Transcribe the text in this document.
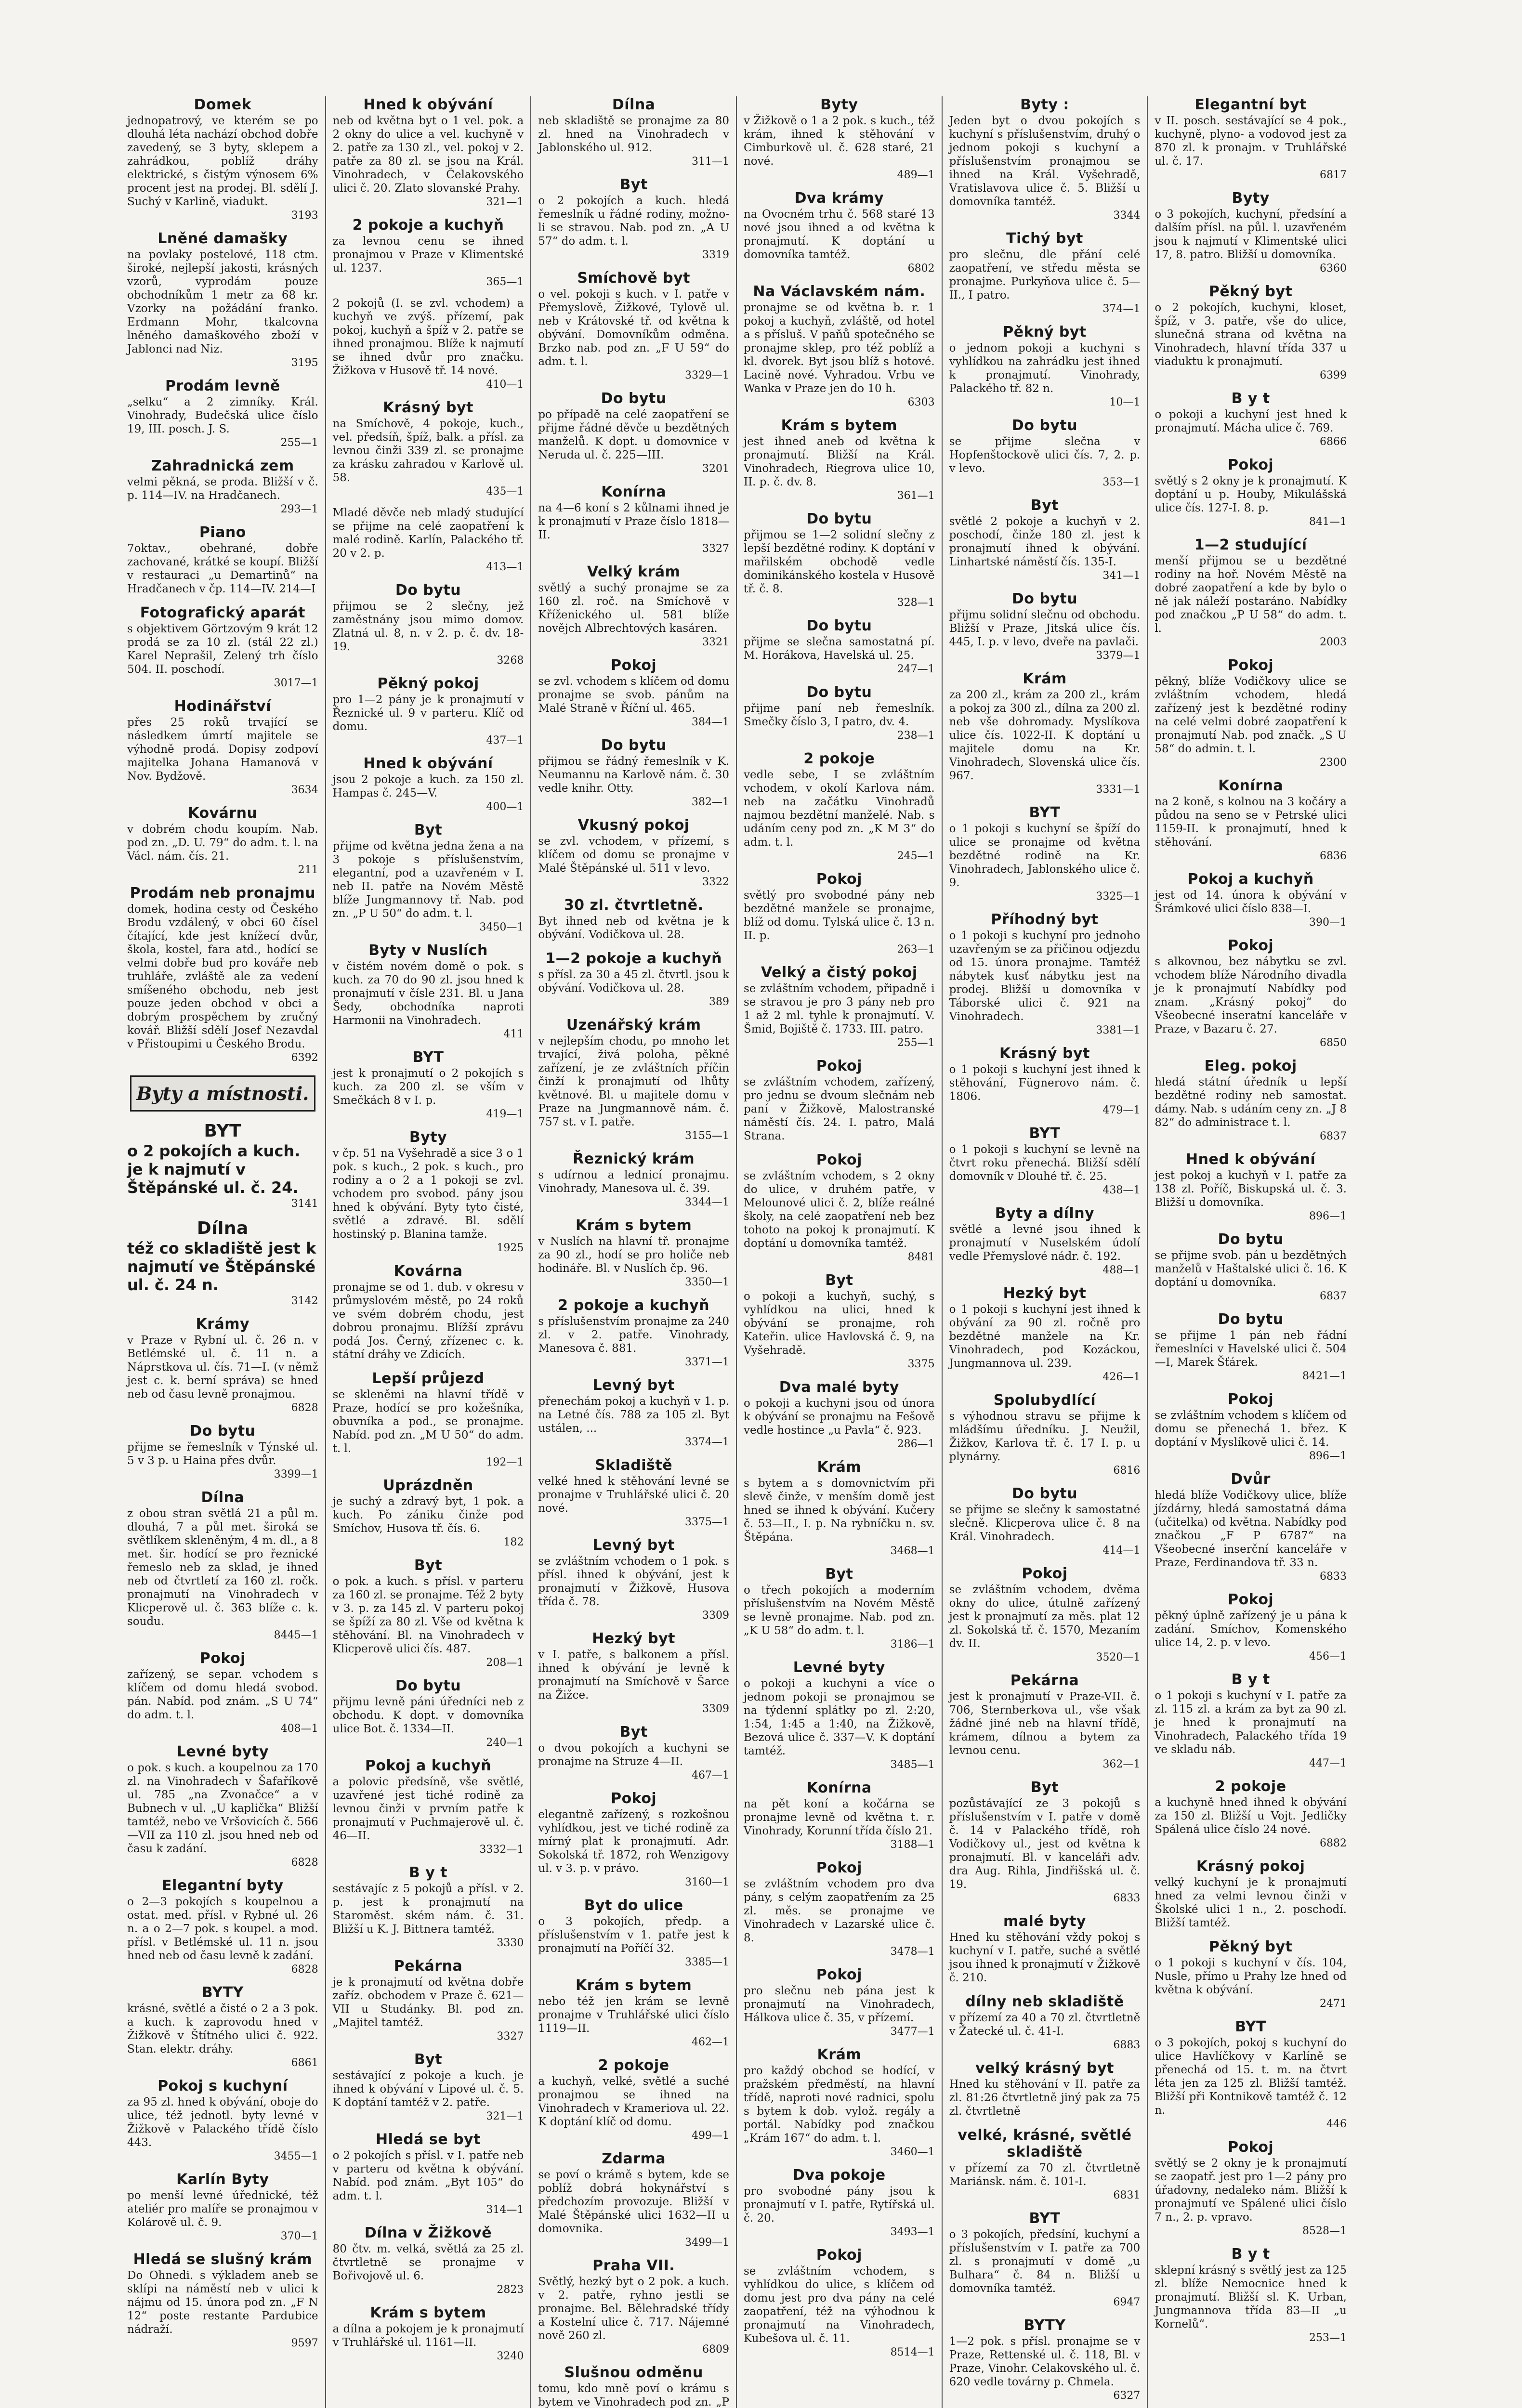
Domek

jednopatrový, ve kterém se po dlouhá léta nachází obchod dobře zavedený, se 3 byty, sklepem a zahrádkou, poblíž dráhy elektrické, s čistým výnosem 6% procent jest na prodej. Bl. sdělí J. Suchý v Karlině, viadukt.

3193
Lněné damašky

na povlaky postelové, 118 ctm. široké, nejlepší jakosti, krásných vzorů, vyprodám pouze obchodníkům 1 metr za 68 kr. Vzorky na požádání franko. Erdmann Mohr, tkalcovna lněného damaškového zboží v Jablonci nad Niz.

3195
Prodám levně

„selku“ a 2 zimníky. Král. Vinohrady, Budečská ulice číslo 19, III. posch. J. S.

255—1
Zahradnická zem

velmi pěkná, se proda. Bližší v č. p. 114—IV. na Hradčanech.

293—1
Piano

7oktav., obehrané, dobře zachované, krátké se koupí. Bližší v restauraci „u Demartinů“ na Hradčanech v čp. 114—IV. 214—I

Fotografický aparát

s objektivem Görtzovým 9 krát 12 prodá se za 10 zl. (stál 22 zl.) Karel Neprašil, Zelený trh číslo 504. II. poschodí.

3017—1
Hodinářství

přes 25 roků trvající se následkem úmrtí majitele se výhodně prodá. Dopisy zodpoví majitelka Johana Hamanová v Nov. Bydžově.

3634
Kovárnu

v dobrém chodu koupím. Nab. pod zn. „D. U. 79“ do adm. t. l. na Václ. nám. čís. 21.

211
Prodám neb pronajmu

domek, hodina cesty od Českého Brodu vzdálený, v obci 60 čísel čítající, kde jest knížecí dvůr, škola, kostel, fara atd., hodící se velmi dobře bud pro kováře neb truhláře, zvláště ale za vedení smíšeného obchodu, neb jest pouze jeden obchod v obci a dobrým prospěchem by zručný kovář. Bližší sdělí Josef Nezavdal v Přistoupimi u Českého Brodu.

6392
Byty a místnosti.
BYT

o 2 pokojích a kuch. je k najmutí v Štěpánské ul. č. 24.

3141
Dílna

též co skladiště jest k najmutí ve Štěpánské ul. č. 24 n.

3142
Krámy

v Praze v Rybní ul. č. 26 n. v Betlémské ul. č. 11 n. a Náprstkova ul. čís. 71—I. (v němž jest c. k. berní správa) se hned neb od času levně pronajmou.

6828
Do bytu

přijme se řemeslník v Týnské ul. 5 v 3 p. u Haina přes dvůr.

3399—1
Dílna

z obou stran světlá 21 a půl m. dlouhá, 7 a půl met. široká se světlíkem skleněným, 4 m. dl., a 8 met. šir. hodící se pro řeznické řemeslo neb za sklad, je ihned neb od čtvrtletí za 160 zl. ročk. pronajmutí na Vinohradech v Klicperově ul. č. 363 blíže c. k. soudu.

8445—1
Pokoj

zařízený, se separ. vchodem s klíčem od domu hledá svobod. pán. Nabíd. pod znám. „S U 74“ do adm. t. l.

408—1
Levné byty

o pok. s kuch. a koupelnou za 170 zl. na Vinohradech v Šafaříkově ul. 785 „na Zvonačce“ a v Bubnech v ul. „U kaplička“ Bližší tamtéž, nebo ve Vršovicích č. 566—VII za 110 zl. jsou hned neb od času k zadání.

6828
Elegantní byty

o 2—3 pokojích s koupelnou a ostat. med. přísl. v Rybné ul. 26 n. a o 2—7 pok. s koupel. a mod. přísl. v Betlémské ul. 11 n. jsou hned neb od času levně k zadání.

6828
BYTY

krásné, světlé a čisté o 2 a 3 pok. a kuch. k zaprovodu hned v Žižkově v Štítného ulici č. 922. Stan. elektr. dráhy.

6861
Pokoj s kuchyní

za 95 zl. hned k obývání, oboje do ulice, též jednotl. byty levné v Žižkově v Palackého třídě číslo 443.

3455—1
Karlín Byty

po menší levné úřednické, též ateliér pro malíře se pronajmou v Kolárově ul. č. 9.

370—1
Hledá se slušný krám

Do Ohnedi. s výkladem aneb se sklípi na náměstí neb v ulici k nájmu od 15. února pod zn. „F N 12“ poste restante Pardubice nádraží.

9597
Hned k obývání

neb od května byt o 1 vel. pok. a 2 okny do ulice a vel. kuchyně v 2. patře za 130 zl., vel. pokoj v 2. patře za 80 zl. se jsou na Král. Vinohradech, v Čelakovského ulici č. 20. Zlato slovanské Prahy.

321—1
2 pokoje a kuchyň

za levnou cenu se ihned pronajmou v Praze v Klimentské ul. 1237.

365—1

2 pokojů (I. se zvl. vchodem) a kuchyň ve zvýš. přízemí, pak pokoj, kuchyň a špíž v 2. patře se ihned pronajmou. Blíže k najmutí se ihned dvůr pro značku. Žižkova v Husově tř. 14 nové.

410—1
Krásný byt

na Smíchově, 4 pokoje, kuch., vel. předsíň, špíž, balk. a přísl. za levnou činži 339 zl. se pronajme za krásku zahradou v Karlově ul. 58.

435—1

Mladé děvče neb mladý studující se přijme na celé zaopatření k malé rodině. Karlín, Palackého tř. 20 v 2. p.

413—1
Do bytu

přijmou se 2 slečny, jež zaměstnány jsou mimo domov. Zlatná ul. 8, n. v 2. p. č. dv. 18-19.

3268
Pěkný pokoj

pro 1—2 pány je k pronajmutí v Řeznické ul. 9 v parteru. Klíč od domu.

437—1
Hned k obývání

jsou 2 pokoje a kuch. za 150 zl. Hampas č. 245—V.

400—1
Byt

přijme od května jedna žena a na 3 pokoje s příslušenstvím, elegantní, pod a uzavřeném v I. neb II. patře na Novém Městě blíže Jungmannovy tř. Nab. pod zn. „P U 50“ do adm. t. l.

3450—1
Byty v Nuslích

v čistém novém domě o pok. s kuch. za 70 do 90 zl. jsou hned k pronajmutí v čísle 231. Bl. u Jana Šedy, obchodníka naproti Harmonii na Vinohradech.

411
BYT

jest k pronajmutí o 2 pokojích s kuch. za 200 zl. se vším v Smečkách 8 v I. p.

419—1
Byty

v čp. 51 na Vyšehradě a sice 3 o 1 pok. s kuch., 2 pok. s kuch., pro rodiny a o 2 a 1 pokoji se zvl. vchodem pro svobod. pány jsou hned k obývání. Byty tyto čisté, světlé a zdravé. Bl. sdělí hostinský p. Blanina tamže.

1925
Kovárna

pronajme se od 1. dub. v okresu v průmyslovém městě, po 24 roků ve svém dobrém chodu, jest dobrou pronajmu. Blížší zprávu podá Jos. Černý, zřízenec c. k. státní dráhy ve Zdicích.

Lepší průjezd

se skleněmi na hlavní třídě v Praze, hodící se pro kožešníka, obuvníka a pod., se pronajme. Nabíd. pod zn. „M U 50“ do adm. t. l.

192—1
Uprázdněn

je suchý a zdravý byt, 1 pok. a kuch. Po zániku činže pod Smíchov, Husova tř. čís. 6.

182
Byt

o pok. a kuch. s přísl. v parteru za 160 zl. se pronajme. Též 2 byty v 3. p. za 145 zl. V parteru pokoj se špíží za 80 zl. Vše od května k stěhování. Bl. na Vinohradech v Klicperově ulici čís. 487.

208—1
Do bytu

přijmu levně páni úředníci neb z obchodu. K dopt. v domovníka ulice Bot. č. 1334—II.

240—1
Pokoj a kuchyň

a polovic předsíně, vše světlé, uzavřené jest tiché rodině za levnou činži v prvním patře k pronajmutí v Puchmajerově ul. č. 46—II.

3332—1
B y t

sestávajíc z 5 pokojů a přísl. v 2. p. jest k pronajmutí na Staroměst. ském nám. č. 31. Bližší u K. J. Bittnera tamtéž.

3330
Pekárna

je k pronajmutí od května dobře zaříz. obchodem v Praze č. 621—VII u Studánky. Bl. pod zn. „Majitel tamtéž.

3327
Byt

sestávající z pokoje a kuch. je ihned k obývání v Lipové ul. č. 5. K doptání tamtéž v 2. patře.

321—1
Hledá se byt

o 2 pokojích s přísl. v I. patře neb v parteru od května k obývání. Nabíd. pod znám. „Byt 105“ do adm. t. l.

314—1
Dílna v Žižkově

80 čtv. m. velká, světlá za 25 zl. čtvrtletně se pronajme v Bořivojově ul. 6.

2823
Krám s bytem

a dílna a pokojem je k pronajmutí v Truhlářské ul. 1161—II.

3240
Dílna

neb skladiště se pronajme za 80 zl. hned na Vinohradech v Jablonského ul. 912.

311—1
Byt

o 2 pokojích a kuch. hledá řemeslník u řádné rodiny, možno-li se stravou. Nab. pod zn. „A U 57“ do adm. t. l.

3319
Smíchově byt

o vel. pokoji s kuch. v I. patře v Přemyslově, Žižkové, Tylově ul. neb v Krátovské tř. od května k obývání. Domovníkům odměna. Brzko nab. pod zn. „F U 59“ do adm. t. l.

3329—1
Do bytu

po případě na celé zaopatření se přijme řádné děvče u bezdětných manželů. K dopt. u domovnice v Neruda ul. č. 225—III.

3201
Konírna

na 4—6 koní s 2 kůlnami ihned je k pronajmutí v Praze číslo 1818—II.

3327
Velký krám

světlý a suchý pronajme se za 160 zl. roč. na Smíchově v Kříženického ul. 581 blíže novějch Albrechtových kasáren.

3321
Pokoj

se zvl. vchodem s klíčem od domu pronajme se svob. pánům na Malé Straně v Říční ul. 465.

384—1
Do bytu

přijmou se řádný řemeslník v K. Neumannu na Karlově nám. č. 30 vedle knihr. Otty.

382—1
Vkusný pokoj

se zvl. vchodem, v přízemí, s klíčem od domu se pronajme v Malé Štěpánské ul. 511 v levo.

3322
30 zl. čtvrtletně.

Byt ihned neb od května je k obývání. Vodičkova ul. 28.

1—2 pokoje a kuchyň

s přísl. za 30 a 45 zl. čtvrtl. jsou k obývání. Vodičkova ul. 28.

389
Uzenářský krám

v nejlepším chodu, po mnoho let trvající, živá poloha, pěkné zařízení, je ze zvláštních příčin činží k pronajmutí od lhůty květnové. Bl. u majitele domu v Praze na Jungmannově nám. č. 757 st. v I. patře.

3155—1
Řeznický krám

s udírnou a lednicí pronajmu. Vinohrady, Manesova ul. č. 39.

3344—1
Krám s bytem

v Nuslích na hlavní tř. pronajme za 90 zl., hodí se pro holiče neb hodináře. Bl. v Nuslích čp. 96.

3350—1
2 pokoje a kuchyň

s příslušenstvím pronajme za 240 zl. v 2. patře. Vinohrady, Manesova č. 881.

3371—1
Levný byt

přenechám pokoj a kuchyň v 1. p. na Letné čís. 788 za 105 zl. Byt ustálen, ...

3374—1
Skladiště

velké hned k stěhování levné se pronajme v Truhlářské ulici č. 20 nové.

3375—1
Levný byt

se zvláštním vchodem o 1 pok. s přísl. ihned k obývání, jest k pronajmutí v Žižkově, Husova třída č. 78.

3309
Hezký byt

v I. patře, s balkonem a přísl. ihned k obývání je levně k pronajmutí na Smíchově v Šarce na Žižce.

3309
Byt

o dvou pokojích a kuchyni se pronajme na Struze 4—II.

467—1
Pokoj

elegantně zařízený, s rozkošnou vyhlídkou, jest ve tiché rodině za mírný plat k pronajmutí. Adr. Sokolská tř. 1872, roh Wenzigovy ul. v 3. p. v právo.

3160—1
Byt do ulice

o 3 pokojích, předp. a příslušenstvím v 1. patře jest k pronajmutí na Poříčí 32.

3385—1
Krám s bytem

nebo též jen krám se levně pronajme v Truhlářské ulici číslo 1119—II.

462—1
2 pokoje

a kuchyň, velké, světlé a suché pronajmou se ihned na Vinohradech v Krameriova ul. 22. K doptání klíč od domu.

499—1
Zdarma

se poví o krámě s bytem, kde se poblíž dobrá hokynářství s předchozím provozuje. Bližší v Malé Štěpánské ulici 1632—II u domovnika.

3499—1
Praha VII.

Světlý, hezký byt o 2 pok. a kuch. v 2. patře, ryhno jestli se pronajme. Bel. Bělehradské třídy a Kostelní ulice č. 717. Nájemné nově 260 zl.

6809
Slušnou odměnu

tomu, kdo mně poví o krámu s bytem ve Vinohradech pod zn. „P

Byty

v Žižkově o 1 a 2 pok. s kuch., též krám, ihned k stěhování v Cimburkově ul. č. 628 staré, 21 nové.

489—1
Dva krámy

na Ovocném trhu č. 568 staré 13 nové jsou ihned a od května k pronajmutí. K doptání u domovníka tamtéž.

6802
Na Václavském nám.

pronajme se od května b. r. 1 pokoj a kuchyň, zvláště, od hotel a s přísluš. V paňů spotečného se pronajme sklep, pro též poblíž a kl. dvorek. Byt jsou blíž s hotové. Lacině nové. Vyhradou. Vrbu ve Wanka v Praze jen do 10 h.

6303
Krám s bytem

jest ihned aneb od května k pronajmutí. Bližší na Král. Vinohradech, Riegrova ulice 10, II. p. č. dv. 8.

361—1
Do bytu

přijmou se 1—2 solidní slečny z lepší bezdětné rodiny. K doptání v mařilském obchodě vedle dominikánského kostela v Husově tř. č. 8.

328—1
Do bytu

přijme se slečna samostatná pí. M. Horákova, Havelská ul. 25.

247—1
Do bytu

přijme paní neb řemeslník. Smečky číslo 3, I patro, dv. 4.

238—1
2 pokoje

vedle sebe, I se zvláštním vchodem, v okolí Karlova nám. neb na začátku Vinohradů najmou bezdětní manželé. Nab. s udáním ceny pod zn. „K M 3“ do adm. t. l.

245—1
Pokoj

světlý pro svobodné pány neb bezdětné manžele se pronajme, blíž od domu. Tylská ulice č. 13 n. II. p.

263—1
Velký a čistý pokoj

se zvláštním vchodem, připadně i se stravou je pro 3 pány neb pro 1 až 2 ml. tyhle k pronajmutí. V. Šmid, Bojiště č. 1733. III. patro.

255—1
Pokoj

se zvláštním vchodem, zařízený, pro jednu se dvoum slečnám neb paní v Žižkově, Malostranské náměstí čís. 24. I. patro, Malá Strana.

Pokoj

se zvláštním vchodem, s 2 okny do ulice, v druhém patře, v Melounové ulici č. 2, blíže reálné školy, na celé zaopatření neb bez tohoto na pokoj k pronajmutí. K doptání u domovníka tamtéž.

8481
Byt

o pokoji a kuchyň, suchý, s vyhlídkou na ulici, hned k obývání se pronajme, roh Kateřin. ulice Havlovská č. 9, na Vyšehradě.

3375
Dva malé byty

o pokoji a kuchyni jsou od února k obývání se pronajmu na Fešově vedle hostince „u Pavla“ č. 923.

286—1
Krám

s bytem a s domovnictvím při slevě činže, v menším domě jest hned se ihned k obývání. Kučery č. 53—II., I. p. Na rybníčku n. sv. Štěpána.

3468—1
Byt

o třech pokojích a moderním příslušenstvím na Novém Městě se levně pronajme. Nab. pod zn. „K U 58“ do adm. t. l.

3186—1
Levné byty

o pokoji a kuchyni a více o jednom pokoji se pronajmou se na týdenní splátky po zl. 2:20, 1:54, 1:45 a 1:40, na Žižkově, Bezová ulice č. 337—V. K doptání tamtéž.

3485—1
Konírna

na pět koní a kočárna se pronajme levně od května t. r. Vinohrady, Korunní třída číslo 21.

3188—1
Pokoj

se zvláštním vchodem pro dva pány, s celým zaopatřením za 25 zl. měs. se pronajme ve Vinohradech v Lazarské ulice č. 8.

3478—1
Pokoj

pro slečnu neb pána jest k pronajmutí na Vinohradech, Hálkova ulice č. 35, v přízemí.

3477—1
Krám

pro každý obchod se hodící, v pražském předměstí, na hlavní třídě, naproti nové radnici, spolu s bytem k dob. vylož. regály a portál. Nabídky pod značkou „Krám 167“ do adm. t. l.

3460—1
Dva pokoje

pro svobodné pány jsou k pronajmutí v I. patře, Rytířská ul. č. 20.

3493—1
Pokoj

se zvláštním vchodem, s vyhlídkou do ulice, s klíčem od domu jest pro dva pány na celé zaopatření, též na výhodnou k pronajmutí na Vinohradech, Kubešova ul. č. 11.

8514—1
Byty :

Jeden byt o dvou pokojích s kuchyní s příslušenstvím, druhý o jednom pokoji s kuchyní a příslušenstvím pronajmou se ihned na Král. Vyšehradě, Vratislavova ulice č. 5. Bližší u domovníka tamtéž.

3344
Tichý byt

pro slečnu, dle přání celé zaopatření, ve středu města se pronajme. Purkyňova ulice č. 5—II., I patro.

374—1
Pěkný byt

o jednom pokoji a kuchyni s vyhlídkou na zahrádku jest ihned k pronajmutí. Vinohrady, Palackého tř. 82 n.

10—1
Do bytu

se přijme slečna v Hopfenštockově ulici čís. 7, 2. p. v levo.

353—1
Byt

světlé 2 pokoje a kuchyň v 2. poschodí, činže 180 zl. jest k pronajmutí ihned k obývání. Linhartské náměstí čís. 135-I.

341—1
Do bytu

přijmu solidní slečnu od obchodu. Bližší v Praze, Jitská ulice čís. 445, I. p. v levo, dveře na pavlači.

3379—1
Krám

za 200 zl., krám za 200 zl., krám a pokoj za 300 zl., dílna za 200 zl. neb vše dohromady. Myslíkova ulice čís. 1022-II. K doptání u majitele domu na Kr. Vinohradech, Slovenská ulice čís. 967.

3331—1
BYT

o 1 pokoji s kuchyní se špíží do ulice se pronajme od května bezdětné rodině na Kr. Vinohradech, Jablonského ulice č. 9.

3325—1
Příhodný byt

o 1 pokoji s kuchyní pro jednoho uzavřeným se za přičinou odjezdu od 15. února pronajme. Tamtéž nábytek kusť nábytku jest na prodej. Bližší u domovníka v Táborské ulici č. 921 na Vinohradech.

3381—1
Krásný byt

o 1 pokoji s kuchyní jest ihned k stěhování, Fügnerovo nám. č. 1806.

479—1
BYT

o 1 pokoji s kuchyní se levně na čtvrt roku přenechá. Bližší sdělí domovník v Dlouhé tř. č. 25.

438—1
Byty a dílny

světlé a levné jsou ihned k pronajmutí v Nuselském údolí vedle Přemyslové nádr. č. 192.

488—1
Hezký byt

o 1 pokoji s kuchyní jest ihned k obývání za 90 zl. ročně pro bezdětné manžele na Kr. Vinohradech, pod Kozáckou, Jungmannova ul. 239.

426—1
Spolubydlící

s výhodnou stravu se přijme k mládšímu úředníku. J. Neužil, Žižkov, Karlova tř. č. 17 I. p. u plynárny.

6816
Do bytu

se přijme se slečny k samostatné slečně. Klicperova ulice č. 8 na Král. Vinohradech.

414—1
Pokoj

se zvláštním vchodem, dvěma okny do ulice, útulně zařízený jest k pronajmutí za měs. plat 12 zl. Sokolská tř. č. 1570, Mezaním dv. II.

3520—1
Pekárna

jest k pronajmutí v Praze-VII. č. 706, Sternberkova ul., vše však žádné jiné neb na hlavní třídě, krámem, dílnou a bytem za levnou cenu.

362—1
Byt

pozůstávající ze 3 pokojů s příslušenstvím v I. patře v domě č. 14 v Palackého třídě, roh Vodičkovy ul., jest od května k pronajmutí. Bl. v kanceláři adv. dra Aug. Rihla, Jindřišská ul. č. 19.

6833
malé byty

Hned ku stěhování vždy pokoj s kuchyní v I. patře, suché a světlé jsou ihned k pronajmutí v Žižkově č. 210.

dílny neb skladiště

v přízemí za 40 a 70 zl. čtvrtletně v Žatecké ul. č. 41-I.

6883
velký krásný byt

Hned ku stěhování v II. patře za zl. 81:26 čtvrtletně jiný pak za 75 zl. čtvrtletně

velké, krásné, světlé skladiště

v přízemí za 70 zl. čtvrtletně Mariánsk. nám. č. 101-I.

6831
BYT

o 3 pokojích, předsíní, kuchyní a příslušenstvím v I. patře za 700 zl. s pronajmutí v domě „u Bulhara“ č. 84 n. Bližší u domovníka tamtéž.

6947
BYTY

1—2 pok. s přísl. pronajme se v Praze, Rettenské ul. č. 118, Bl. v Praze, Vinohr. Celakovského ul. č. 620 vedle továrny p. Chmela.

6327
Elegantní byt

v II. posch. sestávající se 4 pok., kuchyně, plyno- a vodovod jest za 870 zl. k pronajm. v Truhlářské ul. č. 17.

6817
Byty

o 3 pokojích, kuchyní, předsíní a dalším přísl. na půl. l. uzavřeném jsou k najmutí v Klimentské ulici 17, 8. patro. Bližší u domovníka.

6360
Pěkný byt

o 2 pokojích, kuchyni, kloset, špíž, v 3. patře, vše do ulice, slunečná strana od května na Vinohradech, hlavní třída 337 u viaduktu k pronajmutí.

6399
B y t

o pokoji a kuchyní jest hned k pronajmutí. Mácha ulice č. 769.

6866
Pokoj

světlý s 2 okny je k pronajmutí. K doptání u p. Houby, Mikulášská ulice čís. 127-I. 8. p.

841—1
1—2 studující

menší přijmou se u bezdětné rodiny na hoř. Novém Městě na dobré zaopatření a kde by bylo o ně jak náleží postaráno. Nabídky pod značkou „P U 58“ do adm. t. l.

2003
Pokoj

pěkný, blíže Vodičkovy ulice se zvláštním vchodem, hledá zařízený jest k bezdětné rodiny na celé velmi dobré zaopatření k pronajmutí Nab. pod značk. „S U 58“ do admin. t. l.

2300
Konírna

na 2 koně, s kolnou na 3 kočáry a půdou na seno se v Petrské ulici 1159-II. k pronajmutí, hned k stěhování.

6836
Pokoj a kuchyň

jest od 14. února k obývání v Šrámkové ulici číslo 838—I.

390—1
Pokoj

s alkovnou, bez nábytku se zvl. vchodem blíže Národního divadla je k pronajmutí Nabídky pod znam. „Krásný pokoj“ do Všeobecné inseratní kanceláře v Praze, v Bazaru č. 27.

6850
Eleg. pokoj

hledá státní úředník u lepší bezdětné rodiny neb samostat. dámy. Nab. s udáním ceny zn. „J 8 82“ do administrace t. l.

6837
Hned k obývání

jest pokoj a kuchyň v I. patře za 138 zl. Poříč, Biskupská ul. č. 3. Bližší u domovníka.

896—1
Do bytu

se přijme svob. pán u bezdětných manželů v Haštalské ulici č. 16. K doptání u domovníka.

6837
Do bytu

se přijme 1 pán neb řádní řemeslníci v Havelské ulici č. 504—I, Marek Šťárek.

8421—1
Pokoj

se zvláštním vchodem s klíčem od domu se přenechá 1. břez. K doptání v Myslíkově ulici č. 14.

896—1
Dvůr

hledá blíže Vodičkovy ulice, blíže jízdárny, hledá samostatná dáma (učitelka) od května. Nabídky pod značkou „F P 6787“ na Všeobecné inserční kanceláře v Praze, Ferdinandova tř. 33 n.

6833
Pokoj

pěkný úplně zařízený je u pána k zadání. Smíchov, Komenského ulice 14, 2. p. v levo.

456—1
B y t

o 1 pokoji s kuchyní v I. patře za zl. 115 zl. a krám za byt za 90 zl. je hned k pronajmutí na Vinohradech, Palackého třída 19 ve skladu náb.

447—1
2 pokoje

a kuchyně hned ihned k obývání za 150 zl. Bližší u Vojt. Jedličky Spálená ulice číslo 24 nové.

6882
Krásný pokoj

velký kuchyní je k pronajmutí hned za velmi levnou činži v Školské ulici 1 n., 2. poschodí. Bližší tamtéž.

Pěkný byt

o 1 pokoji s kuchyní v čís. 104, Nusle, přímo u Prahy lze hned od května k obývání.

2471
BYT

o 3 pokojích, pokoj s kuchyní do ulice Havlíčkovy v Karlíně se přenechá od 15. t. m. na čtvrt léta jen za 125 zl. Bližší tamtéž. Bližší při Kontnikově tamtéž č. 12 n.

446
Pokoj

světlý se 2 okny je k pronajmutí se zaopatř. jest pro 1—2 pány pro úřadovny, nedaleko nám. Bližší k pronajmutí ve Spálené ulici číslo 7 n., 2. p. vpravo.

8528—1
B y t

sklepní krásný s světlý jest za 125 zl. blíže Nemocnice hned k pronajmutí. Bližší sl. K. Urban, Jungmannova třída 83—II „u Kornelů“.

253—1
